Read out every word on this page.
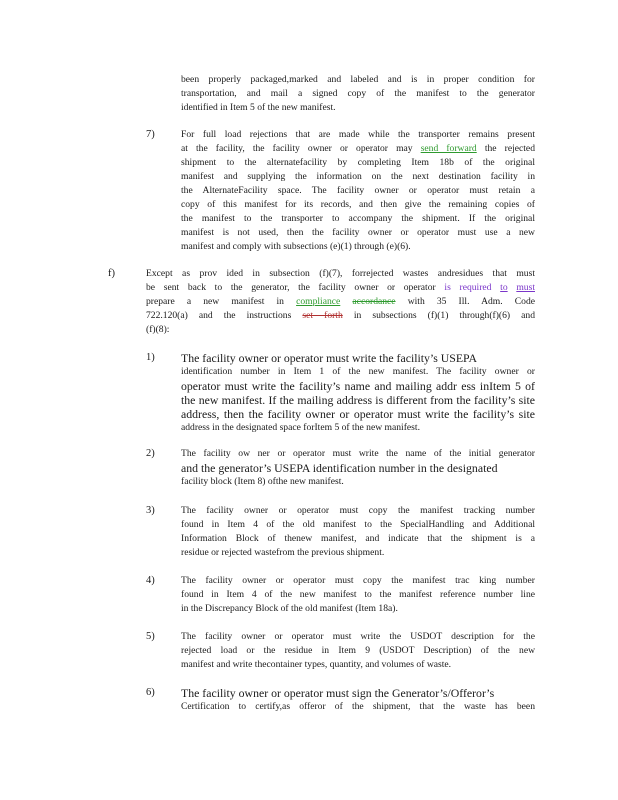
been properly packaged,marked and labeled and is in proper condition for
transportation, and mail a signed copy of the manifest to the generator
identified in Item 5 of the new manifest.
7)	For full load rejections that are made while the transporter remains present
at the facility, the facility owner or operator may send forward the rejected
shipment to the alternatefacility by completing Item 18b of the original
manifest and supplying the information on the next destination facility in
the AlternateFacility space. The facility owner or operator must retain a
copy of this manifest for its records, and then give the remaining copies of
the manifest to the transporter to accompany the shipment. If the original
manifest is not used, then the facility owner or operator must use a new
manifest and comply with subsections (e)(1) through (e)(6).
f)	Except as prov ided in subsection (f)(7), forrejected wastes andresidues that must
be sent back to the generator, the facility owner or operator is required to must
prepare a new manifest in compliance accordance with 35 Ill. Adm. Code
722.120(a) and the instructions set forth in subsections (f)(1) through(f)(6) and
(f)(8):
1) The facility owner or operator must write the facility’s USEPA
identification number in Item 1 of the new manifest. The facility owner or
operator must write the facility’s name and mailing addr ess inItem 5 of
the new manifest. If the mailing address is different from the facility’s site
address, then the facility owner or operator must write the facility’s site
address in the designated space forItem 5 of the new manifest.
2)	The facility ow ner or operator must write the name of the initial generator
and the generator’s USEPA identification number in the designated
facility block (Item 8) ofthe new manifest.
3)	The facility owner or operator must copy the manifest tracking number
found in Item 4 of the old manifest to the SpecialHandling and Additional
Information Block of thenew manifest, and indicate that the shipment is a
residue or rejected wastefrom the previous shipment.
4)	The facility owner or operator must copy the manifest trac king number
found in Item 4 of the new manifest to the manifest reference number line
in the Discrepancy Block of the old manifest (Item 18a).
5)	The facility owner or operator must write the USDOT description for the
rejected load or the residue in Item 9 (USDOT Description) of the new
manifest and write thecontainer types, quantity, and volumes of waste.
6) The facility owner or operator must sign the Generator’s/Offeror’s
Certification to certify,as offeror of the shipment, that the waste has been
